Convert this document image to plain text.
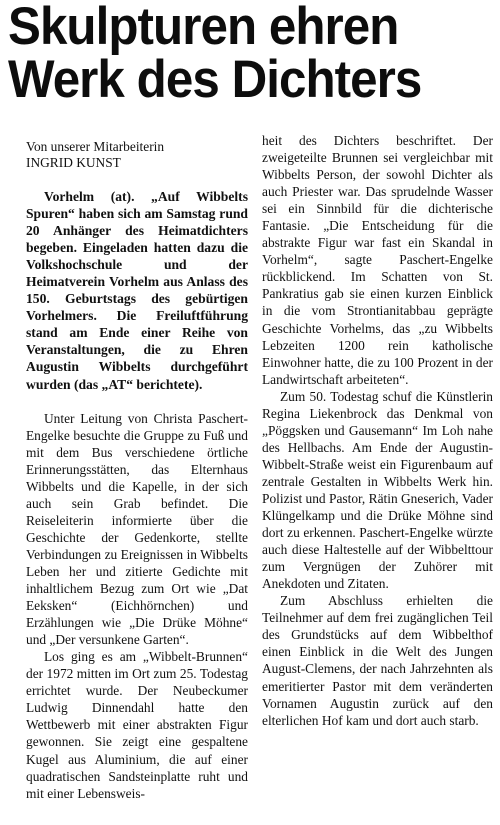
Skulpturen ehren
Werk des Dichters
Von unserer Mitarbeiterin
INGRID KUNST

Vorhelm (at). „Auf Wibbelts Spuren“ haben sich am Samstag rund 20 Anhänger des Heimatdichters begeben. Eingeladen hatten dazu die Volkshochschule und der Heimatverein Vorhelm aus Anlass des 150. Geburtstags des gebürtigen Vorhelmers. Die Freiluftführung stand am Ende einer Reihe von Veranstaltungen, die zu Ehren Augustin Wibbelts durchgeführt wurden (das „AT“ berichtete).

Unter Leitung von Christa Paschert-Engelke besuchte die Gruppe zu Fuß und mit dem Bus verschiedene örtliche Erinnerungsstätten, das Elternhaus Wibbelts und die Kapelle, in der sich auch sein Grab befindet. Die Reiseleiterin informierte über die Geschichte der Gedenkorte, stellte Verbindungen zu Ereignissen in Wibbelts Leben her und zitierte Gedichte mit inhaltlichem Bezug zum Ort wie „Dat Eeksken“ (Eichhörnchen) und Erzählungen wie „Die Drüke Möhne“ und „Der versunkene Garten“.

Los ging es am „Wibbelt-Brunnen“ der 1972 mitten im Ort zum 25. Todestag errichtet wurde. Der Neubeckumer Ludwig Dinnendahl hatte den Wettbewerb mit einer abstrakten Figur gewonnen. Sie zeigt eine gespaltene Kugel aus Aluminium, die auf einer quadratischen Sandsteinplatte ruht und mit einer Lebensweis-

heit des Dichters beschriftet. Der zweigeteilte Brunnen sei vergleichbar mit Wibbelts Person, der sowohl Dichter als auch Priester war. Das sprudelnde Wasser sei ein Sinnbild für die dichterische Fantasie. „Die Entscheidung für die abstrakte Figur war fast ein Skandal in Vorhelm“, sagte Paschert-Engelke rückblickend. Im Schatten von St. Pankratius gab sie einen kurzen Einblick in die vom Strontianitabbau geprägte Geschichte Vorhelms, das „zu Wibbelts Lebzeiten 1200 rein katholische Einwohner hatte, die zu 100 Prozent in der Landwirtschaft arbeiteten“.

Zum 50. Todestag schuf die Künstlerin Regina Liekenbrock das Denkmal von „Pöggsken und Gausemann“ Im Loh nahe des Hellbachs. Am Ende der Augustin-Wibbelt-Straße weist ein Figurenbaum auf zentrale Gestalten in Wibbelts Werk hin. Polizist und Pastor, Rätin Gneserich, Vader Klüngelkamp und die Drüke Möhne sind dort zu erkennen. Paschert-Engelke würzte auch diese Haltestelle auf der Wibbelttour zum Vergnügen der Zuhörer mit Anekdoten und Zitaten.

Zum Abschluss erhielten die Teilnehmer auf dem frei zugänglichen Teil des Grundstücks auf dem Wibbelthof einen Einblick in die Welt des Jungen August-Clemens, der nach Jahrzehnten als emeritierter Pastor mit dem veränderten Vornamen Augustin zurück auf den elterlichen Hof kam und dort auch starb.
